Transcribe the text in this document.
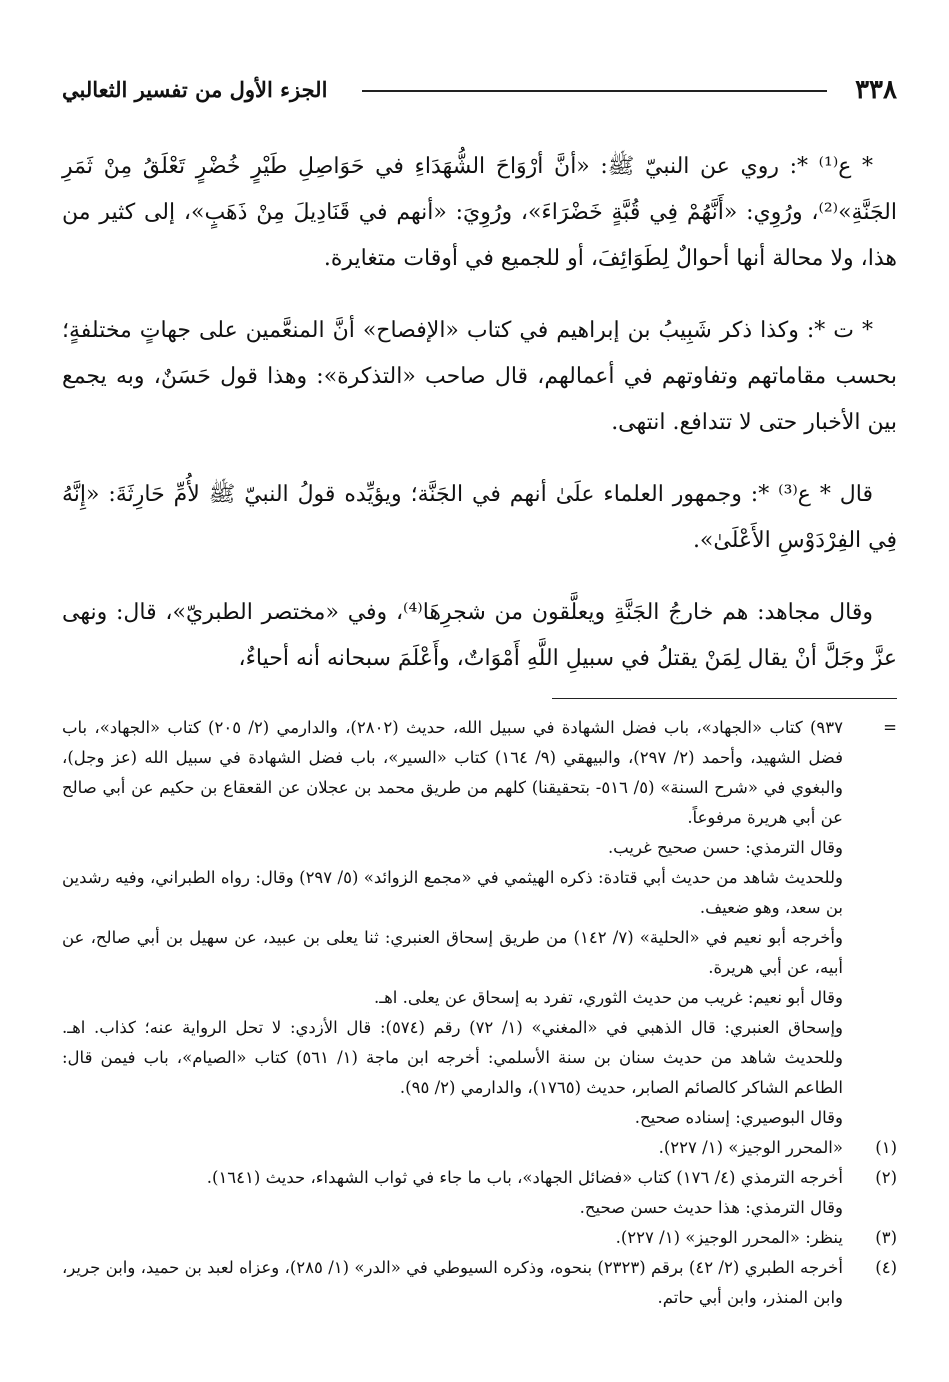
٣٣٨
الجزء الأول من تفسير الثعالبي

* ع⁽¹⁾ *: روي عن النبيّ ﷺ: «أنَّ أرْوَاحَ الشُّهَدَاءِ في حَوَاصِلِ طَيْرٍ خُضْرٍ تَعْلَقُ مِنْ ثَمَرِ الجَنَّةِ»⁽²⁾، ورُوِي: «أَنَّهُمْ فِي قُبَّةٍ خَضْرَاءَ»، ورُوِيَ: «أنهم في قَنَادِيلَ مِنْ ذَهَبٍ»، إلى كثير من هذا، ولا محالة أنها أحوالٌ لِطَوَائِفَ، أو للجميع في أوقات متغايرة.

* ت *: وكذا ذكر شَبِيبُ بن إبراهيم في كتاب «الإفصاح» أنَّ المنعَّمين على جهاتٍ مختلفةٍ؛ بحسب مقاماتهم وتفاوتهم في أعمالهم، قال صاحب «التذكرة»: وهذا قول حَسَنٌ، وبه يجمع بين الأخبار حتى لا تتدافع. انتهى.

قال * ع⁽³⁾ *: وجمهور العلماء علَىٰ أنهم في الجَنَّة؛ ويؤيِّده قولُ النبيّ ﷺ لأُمِّ حَارِثَةَ: «إِنَّهُ فِي الفِرْدَوْسِ الأَعْلَىٰ».

وقال مجاهد: هم خارجُ الجَنَّةِ ويعلَّقون من شجرِهَا⁽⁴⁾، وفي «مختصر الطبريّ»، قال: ونهى عزَّ وجَلَّ أنْ يقال لِمَنْ يقتلُ في سبيلِ اللَّهِ أَمْوَاتٌ، وأَعْلَمَ سبحانه أنه أحياءٌ،

=

٩٣٧) كتاب «الجهاد»، باب فضل الشهادة في سبيل الله، حديث (٢٨٠٢)، والدارمي (٢/ ٢٠٥) كتاب «الجهاد»، باب فضل الشهيد، وأحمد (٢/ ٢٩٧)، والبيهقي (٩/ ١٦٤) كتاب «السير»، باب فضل الشهادة في سبيل الله (عز وجل)، والبغوي في «شرح السنة» (٥/ ٥١٦- بتحقيقنا) كلهم من طريق محمد بن عجلان عن القعقاع بن حكيم عن أبي صالح عن أبي هريرة مرفوعاً.

وقال الترمذي: حسن صحيح غريب.

وللحديث شاهد من حديث أبي قتادة: ذكره الهيثمي في «مجمع الزوائد» (٥/ ٢٩٧) وقال: رواه الطبراني، وفيه رشدين بن سعد، وهو ضعيف.

وأخرجه أبو نعيم في «الحلية» (٧/ ١٤٢) من طريق إسحاق العنبري: ثنا يعلى بن عبيد، عن سهيل بن أبي صالح، عن أبيه، عن أبي هريرة.

وقال أبو نعيم: غريب من حديث الثوري، تفرد به إسحاق عن يعلى. اهـ.

وإسحاق العنبري: قال الذهبي في «المغني» (١/ ٧٢) رقم (٥٧٤): قال الأزدي: لا تحل الرواية عنه؛ كذاب. اهـ. وللحديث شاهد من حديث سنان بن سنة الأسلمي: أخرجه ابن ماجة (١/ ٥٦١) كتاب «الصيام»، باب فيمن قال: الطاعم الشاكر كالصائم الصابر، حديث (١٧٦٥)، والدارمي (٢/ ٩٥).

وقال البوصيري: إسناده صحيح.

(١)

«المحرر الوجيز» (١/ ٢٢٧).

(٢)

أخرجه الترمذي (٤/ ١٧٦) كتاب «فضائل الجهاد»، باب ما جاء في ثواب الشهداء، حديث (١٦٤١).

وقال الترمذي: هذا حديث حسن صحيح.

(٣)

ينظر: «المحرر الوجيز» (١/ ٢٢٧).

(٤)

أخرجه الطبري (٢/ ٤٢) برقم (٢٣٢٣) بنحوه، وذكره السيوطي في «الدر» (١/ ٢٨٥)، وعزاه لعبد بن حميد، وابن جرير، وابن المنذر، وابن أبي حاتم.
